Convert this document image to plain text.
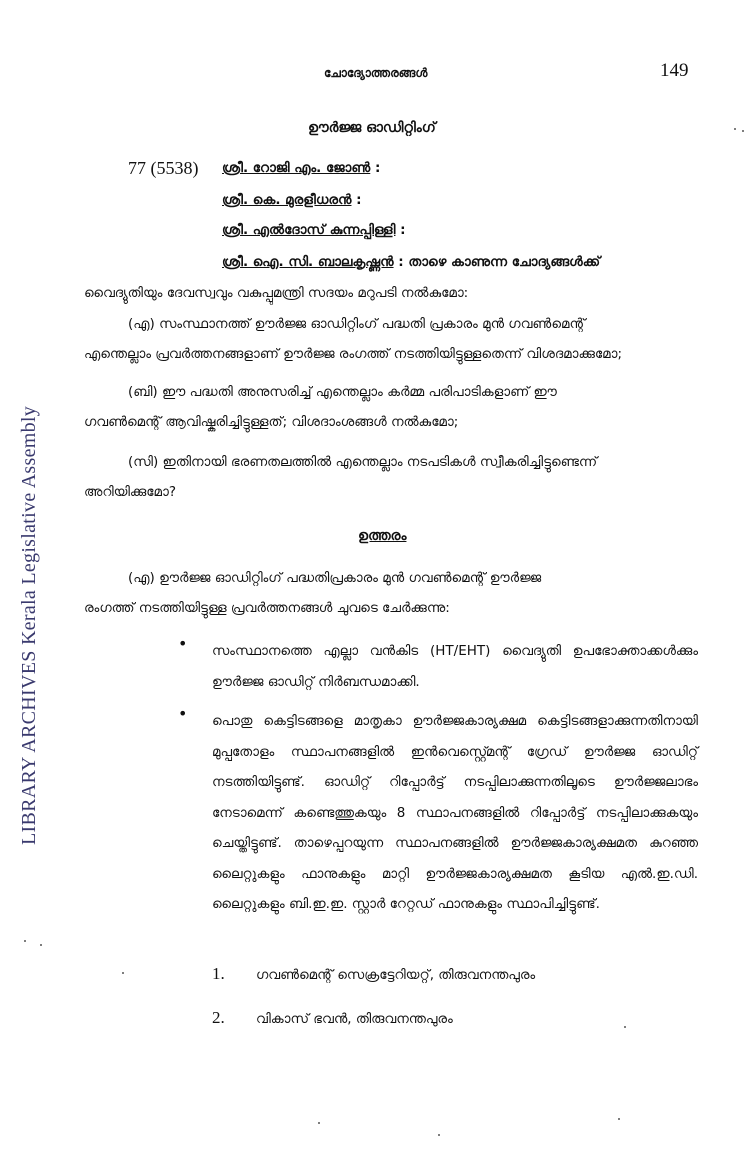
LIBRARY ARCHIVES Kerala Legislative Assembly
ചോദ്യോത്തരങ്ങൾ	149
ഊർജ്ജ ഓഡിറ്റിംഗ്
77 (5538) ശ്രീ. റോജി എം. ജോൺ :
ശ്രീ. കെ. മുരളീധരൻ :
ശ്രീ. എൽദോസ് കുന്നപ്പിള്ളി :
ശ്രീ. ഐ. സി. ബാലകൃഷ്ണൻ : താഴെ കാണുന്ന ചോദ്യങ്ങൾക്ക്
വൈദ്യുതിയും ദേവസ്വവും വകുപ്പുമന്ത്രി സദയം മറുപടി നൽകുമോ:
(എ) സംസ്ഥാനത്ത് ഊർജ്ജ ഓഡിറ്റിംഗ് പദ്ധതി പ്രകാരം മുൻ ഗവൺമെന്റ്
എന്തെല്ലാം പ്രവർത്തനങ്ങളാണ് ഊർജ്ജ രംഗത്ത് നടത്തിയിട്ടുള്ളതെന്ന് വിശദമാക്കുമോ;
(ബി) ഈ പദ്ധതി അനുസരിച്ച് എന്തെല്ലാം കർമ്മ പരിപാടികളാണ് ഈ
ഗവൺമെന്റ് ആവിഷ്കരിച്ചിട്ടുള്ളത്; വിശദാംശങ്ങൾ നൽകുമോ;
(സി) ഇതിനായി ഭരണതലത്തിൽ എന്തെല്ലാം നടപടികൾ സ്വീകരിച്ചിട്ടുണ്ടെന്ന്
അറിയിക്കുമോ?
ഉത്തരം
(എ) ഊർജ്ജ ഓഡിറ്റിംഗ് പദ്ധതിപ്രകാരം മുൻ ഗവൺമെന്റ് ഊർജ്ജ
രംഗത്ത് നടത്തിയിട്ടുള്ള പ്രവർത്തനങ്ങൾ ചുവടെ ചേർക്കുന്നു:
• സംസ്ഥാനത്തെ എല്ലാ വൻകിട (HT/EHT) വൈദ്യുതി ഉപഭോക്താക്കൾക്കും ഊർജ്ജ ഓഡിറ്റ് നിർബന്ധമാക്കി.
• പൊതു കെട്ടിടങ്ങളെ മാതൃകാ ഊർജ്ജകാര്യക്ഷമ കെട്ടിടങ്ങളാക്കുന്നതിനായി മുപ്പതോളം സ്ഥാപനങ്ങളിൽ ഇൻവെസ്റ്റ്മെന്റ് ഗ്രേഡ് ഊർജ്ജ ഓഡിറ്റ് നടത്തിയിട്ടുണ്ട്. ഓഡിറ്റ് റിപ്പോർട്ട് നടപ്പിലാക്കുന്നതിലൂടെ ഊർജ്ജലാഭം നേടാമെന്ന് കണ്ടെത്തുകയും 8 സ്ഥാപനങ്ങളിൽ റിപ്പോർട്ട് നടപ്പിലാക്കുകയും ചെയ്തിട്ടുണ്ട്. താഴെപ്പറയുന്ന സ്ഥാപനങ്ങളിൽ ഊർജ്ജകാര്യക്ഷമത കുറഞ്ഞ ലൈറ്റുകളും ഫാനുകളും മാറ്റി ഊർജ്ജകാര്യക്ഷമത കൂടിയ എൽ.ഇ.ഡി. ലൈറ്റുകളും ബി.ഇ.ഇ. സ്റ്റാർ റേറ്റഡ് ഫാനുകളും സ്ഥാപിച്ചിട്ടുണ്ട്.
1. ഗവൺമെന്റ് സെക്രട്ടേറിയറ്റ്, തിരുവനന്തപുരം
2. വികാസ് ഭവൻ, തിരുവനന്തപുരം
